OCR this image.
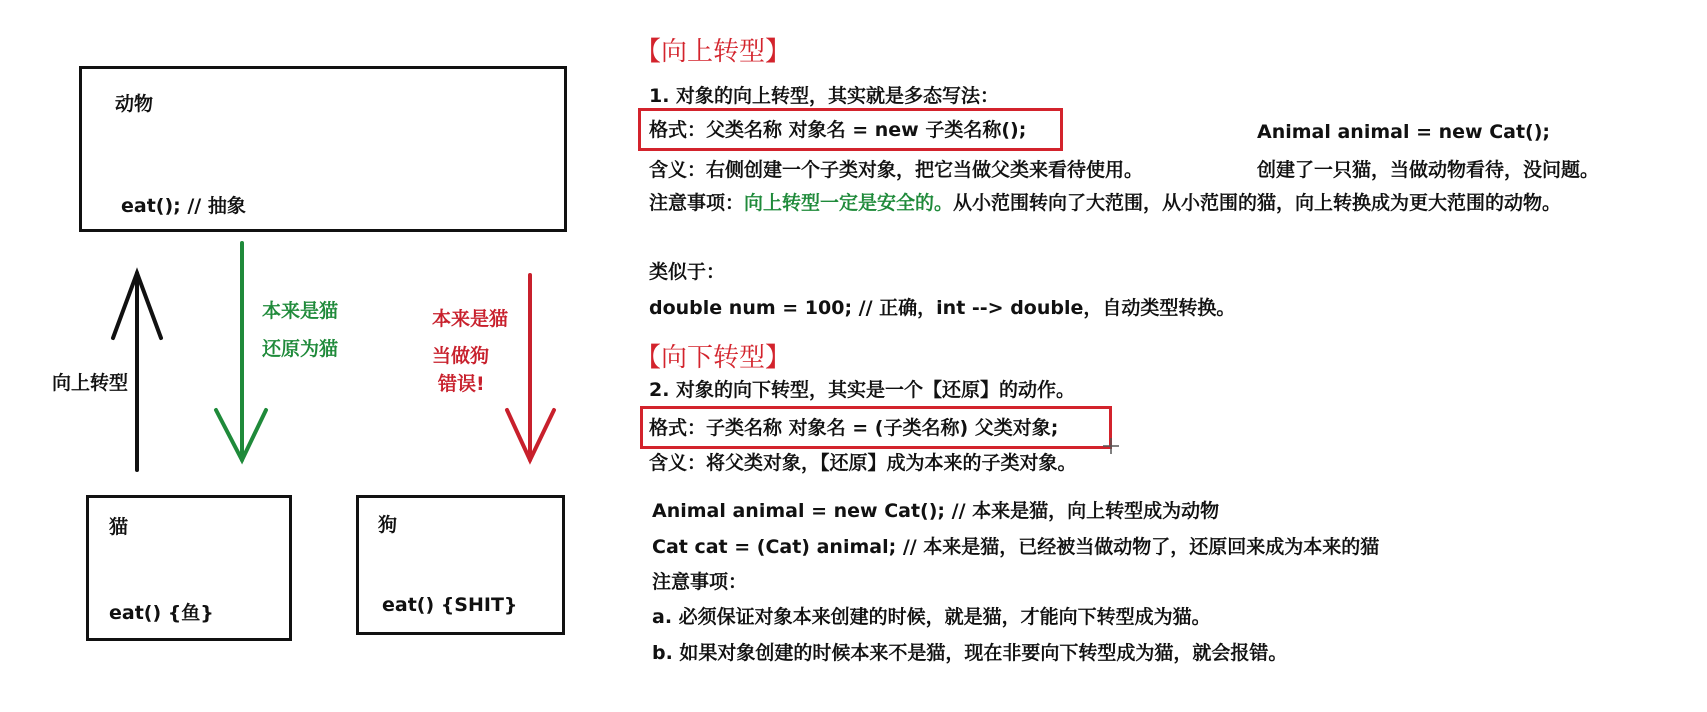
动物
eat(); // 抽象
猫
eat() {鱼}
狗
eat() {SHIT}
向上转型
本来是猫
还原为猫
本来是猫
当做狗
错误!
【向上转型】
1. 对象的向上转型，其实就是多态写法：
格式：父类名称 对象名 = new 子类名称();	Animal animal = new Cat();
含义：右侧创建一个子类对象，把它当做父类来看待使用。	创建了一只猫，当做动物看待，没问题。
注意事项：向上转型一定是安全的。从小范围转向了大范围，从小范围的猫，向上转换成为更大范围的动物。
类似于：
double num = 100; // 正确，int --> double，自动类型转换。
【向下转型】
2. 对象的向下转型，其实是一个【还原】的动作。
格式：子类名称 对象名 = (子类名称) 父类对象;
含义：将父类对象，【还原】成为本来的子类对象。
Animal animal = new Cat(); // 本来是猫，向上转型成为动物
Cat cat = (Cat) animal; // 本来是猫，已经被当做动物了，还原回来成为本来的猫
注意事项：
a. 必须保证对象本来创建的时候，就是猫，才能向下转型成为猫。
b. 如果对象创建的时候本来不是猫，现在非要向下转型成为猫，就会报错。
